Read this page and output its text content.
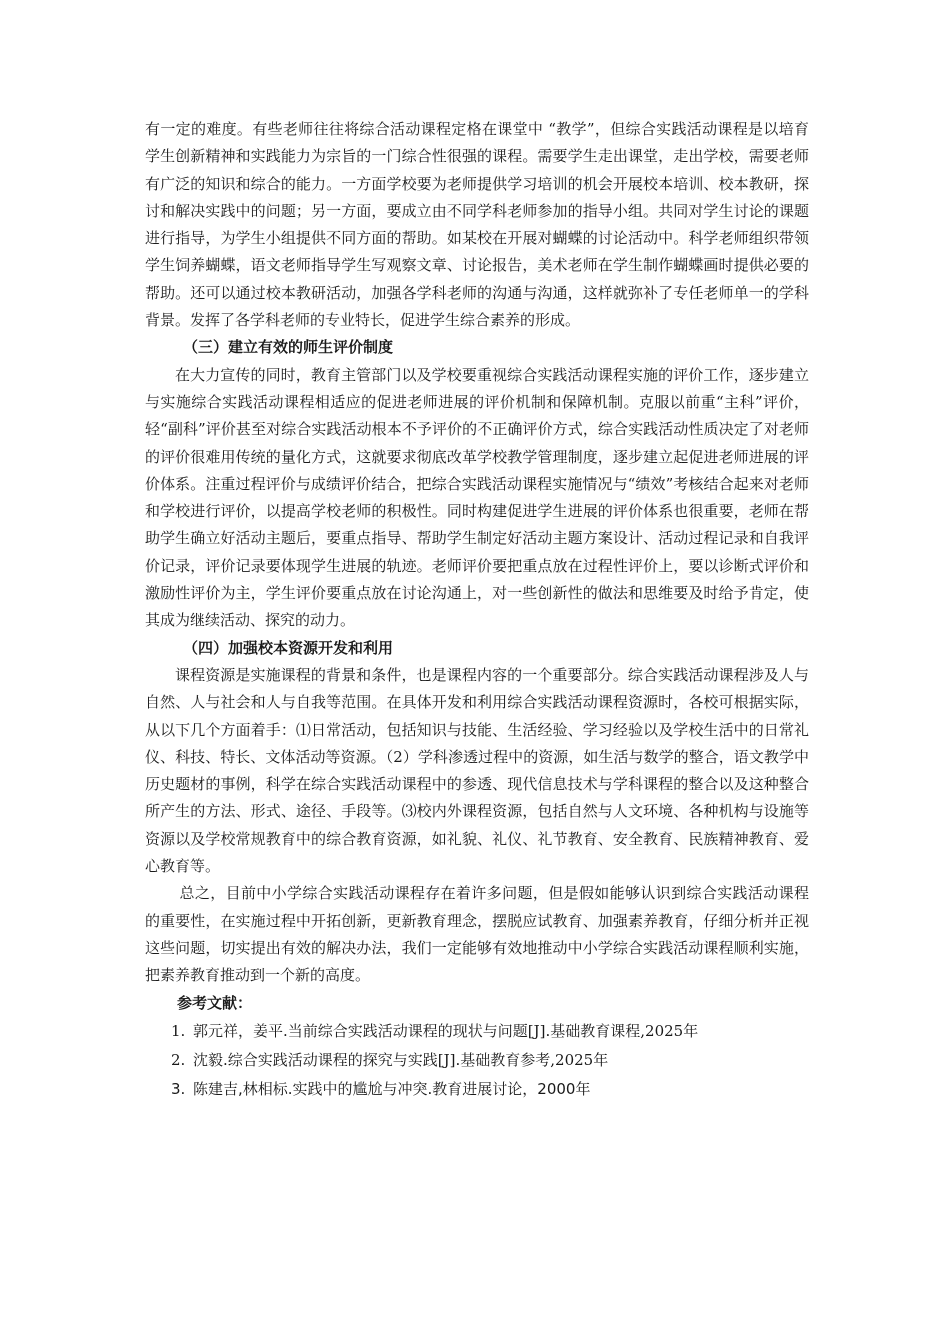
有一定的难度。有些老师往往将综合活动课程定格在课堂中 “教学”，但综合实践活动课程是以培育学生创新精神和实践能力为宗旨的一门综合性很强的课程。需要学生走出课堂，走出学校，需要老师有广泛的知识和综合的能力。一方面学校要为老师提供学习培训的机会开展校本培训、校本教研，探讨和解决实践中的问题；另一方面，要成立由不同学科老师参加的指导小组。共同对学生讨论的课题进行指导，为学生小组提供不同方面的帮助。如某校在开展对蝴蝶的讨论活动中。科学老师组织带领学生饲养蝴蝶，语文老师指导学生写观察文章、讨论报告，美术老师在学生制作蝴蝶画时提供必要的帮助。还可以通过校本教研活动，加强各学科老师的沟通与沟通，这样就弥补了专任老师单一的学科背景。发挥了各学科老师的专业特长，促进学生综合素养的形成。

（三）建立有效的师生评价制度

在大力宣传的同时，教育主管部门以及学校要重视综合实践活动课程实施的评价工作，逐步建立与实施综合实践活动课程相适应的促进老师进展的评价机制和保障机制。克服以前重“主科”评价，轻“副科”评价甚至对综合实践活动根本不予评价的不正确评价方式，综合实践活动性质决定了对老师的评价很难用传统的量化方式，这就要求彻底改革学校教学管理制度，逐步建立起促进老师进展的评价体系。注重过程评价与成绩评价结合，把综合实践活动课程实施情况与“绩效”考核结合起来对老师和学校进行评价，以提高学校老师的积极性。同时构建促进学生进展的评价体系也很重要，老师在帮助学生确立好活动主题后，要重点指导、帮助学生制定好活动主题方案设计、活动过程记录和自我评价记录，评价记录要体现学生进展的轨迹。老师评价要把重点放在过程性评价上，要以诊断式评价和激励性评价为主，学生评价要重点放在讨论沟通上，对一些创新性的做法和思维要及时给予肯定，使其成为继续活动、探究的动力。

（四）加强校本资源开发和利用

课程资源是实施课程的背景和条件，也是课程内容的一个重要部分。综合实践活动课程涉及人与自然、人与社会和人与自我等范围。在具体开发和利用综合实践活动课程资源时，各校可根据实际，从以下几个方面着手：⑴日常活动，包括知识与技能、生活经验、学习经验以及学校生活中的日常礼仪、科技、特长、文体活动等资源。（2）学科渗透过程中的资源，如生活与数学的整合，语文教学中历史题材的事例，科学在综合实践活动课程中的参透、现代信息技术与学科课程的整合以及这种整合所产生的方法、形式、途径、手段等。⑶校内外课程资源，包括自然与人文环境、各种机构与设施等资源以及学校常规教育中的综合教育资源，如礼貌、礼仪、礼节教育、安全教育、民族精神教育、爱心教育等。

总之，目前中小学综合实践活动课程存在着许多问题，但是假如能够认识到综合实践活动课程的重要性，在实施过程中开拓创新，更新教育理念，摆脱应试教育、加强素养教育，仔细分析并正视这些问题，切实提出有效的解决办法，我们一定能够有效地推动中小学综合实践活动课程顺利实施，把素养教育推动到一个新的高度。

参考文献：

1. 郭元祥，姜平.当前综合实践活动课程的现状与问题[J].基础教育课程,2025年
2. 沈毅.综合实践活动课程的探究与实践[J].基础教育参考,2025年
3. 陈建吉,林相标.实践中的尴尬与冲突.教育进展讨论，2000年
